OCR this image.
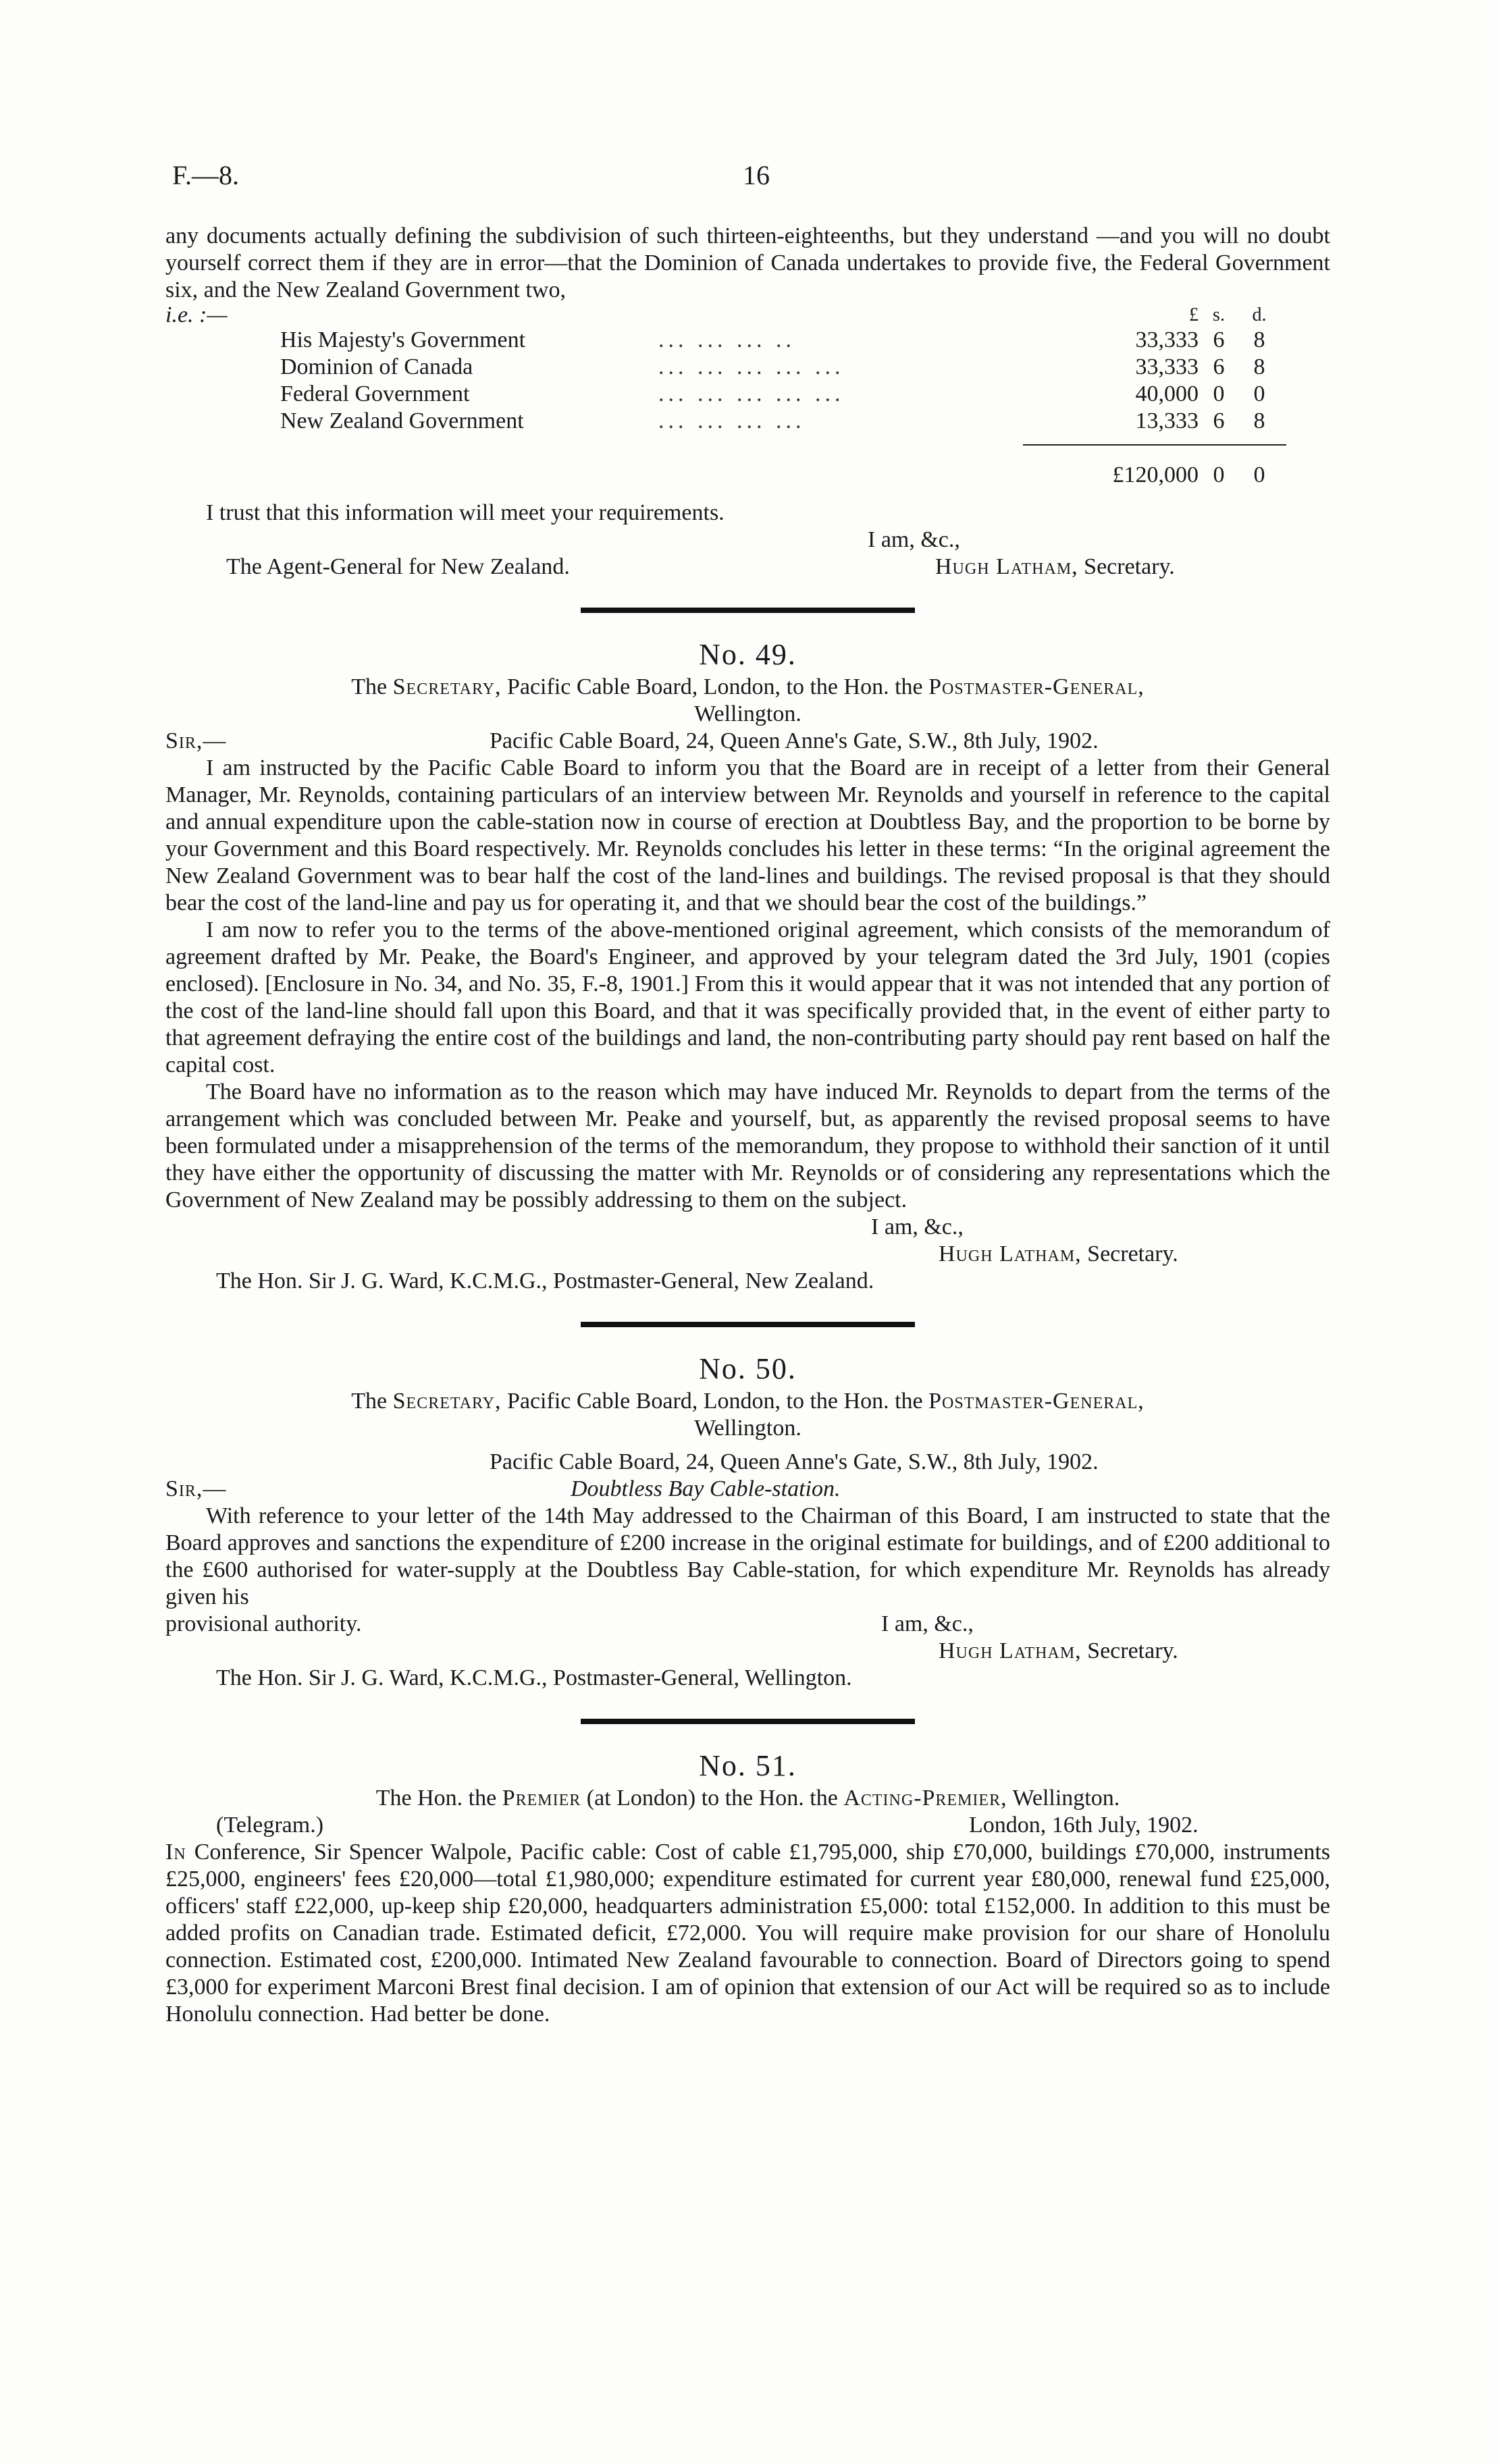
F.—8.	16

any documents actually defining the subdivision of such thirteen-eighteenths, but they understand —and you will no doubt yourself correct them if they are in error—that the Dominion of Canada undertakes to provide five, the Federal Government six, and the New Zealand Government two,

i.e. :—	£ s.	d.
His Majesty's Government	... ... ... ..	33,333 6	8
Dominion of Canada	... ... ... ... ...	33,333 6	8
Federal Government	... ... ... ... ...	40,000 0	0
New Zealand Government	... ... ... ...	13,333 6	8
£120,000 0	0

I trust that this information will meet your requirements.

I am, &c.,

The Agent-General for New Zealand.	Hugh Latham, Secretary.
No. 49.

The Secretary, Pacific Cable Board, London, to the Hon. the Postmaster-General,

Wellington.

Sir,—	Pacific Cable Board, 24, Queen Anne's Gate, S.W., 8th July, 1902.

I am instructed by the Pacific Cable Board to inform you that the Board are in receipt of a letter from their General Manager, Mr. Reynolds, containing particulars of an interview between Mr. Reynolds and yourself in reference to the capital and annual expenditure upon the cable-station now in course of erection at Doubtless Bay, and the proportion to be borne by your Government and this Board respectively. Mr. Reynolds concludes his letter in these terms: “In the original agreement the New Zealand Government was to bear half the cost of the land-lines and buildings. The revised proposal is that they should bear the cost of the land-line and pay us for operating it, and that we should bear the cost of the buildings.”

I am now to refer you to the terms of the above-mentioned original agreement, which consists of the memorandum of agreement drafted by Mr. Peake, the Board's Engineer, and approved by your telegram dated the 3rd July, 1901 (copies enclosed). [Enclosure in No. 34, and No. 35, F.-8, 1901.] From this it would appear that it was not intended that any portion of the cost of the land-line should fall upon this Board, and that it was specifically provided that, in the event of either party to that agreement defraying the entire cost of the buildings and land, the non-contributing party should pay rent based on half the capital cost.

The Board have no information as to the reason which may have induced Mr. Reynolds to depart from the terms of the arrangement which was concluded between Mr. Peake and yourself, but, as apparently the revised proposal seems to have been formulated under a misapprehension of the terms of the memorandum, they propose to withhold their sanction of it until they have either the opportunity of discussing the matter with Mr. Reynolds or of considering any representations which the Government of New Zealand may be possibly addressing to them on the subject.

I am, &c.,

Hugh Latham, Secretary.

The Hon. Sir J. G. Ward, K.C.M.G., Postmaster-General, New Zealand.

No. 50.

The Secretary, Pacific Cable Board, London, to the Hon. the Postmaster-General,

Wellington.

Pacific Cable Board, 24, Queen Anne's Gate, S.W., 8th July, 1902.

Sir,—	Doubtless Bay Cable-station.

With reference to your letter of the 14th May addressed to the Chairman of this Board, I am instructed to state that the Board approves and sanctions the expenditure of £200 increase in the original estimate for buildings, and of £200 additional to the £600 authorised for water-supply at the Doubtless Bay Cable-station, for which expenditure Mr. Reynolds has already given his

provisional authority.	I am, &c.,

Hugh Latham, Secretary.

The Hon. Sir J. G. Ward, K.C.M.G., Postmaster-General, Wellington.

No. 51.

The Hon. the Premier (at London) to the Hon. the Acting-Premier, Wellington.

(Telegram.)	London, 16th July, 1902.

In Conference, Sir Spencer Walpole, Pacific cable: Cost of cable £1,795,000, ship £70,000, buildings £70,000, instruments £25,000, engineers' fees £20,000—total £1,980,000; expenditure estimated for current year £80,000, renewal fund £25,000, officers' staff £22,000, up-keep ship £20,000, headquarters administration £5,000: total £152,000. In addition to this must be added profits on Canadian trade. Estimated deficit, £72,000. You will require make provision for our share of Honolulu connection. Estimated cost, £200,000. Intimated New Zealand favourable to connection. Board of Directors going to spend £3,000 for experiment Marconi Brest final decision. I am of opinion that extension of our Act will be required so as to include Honolulu connection. Had better be done.
